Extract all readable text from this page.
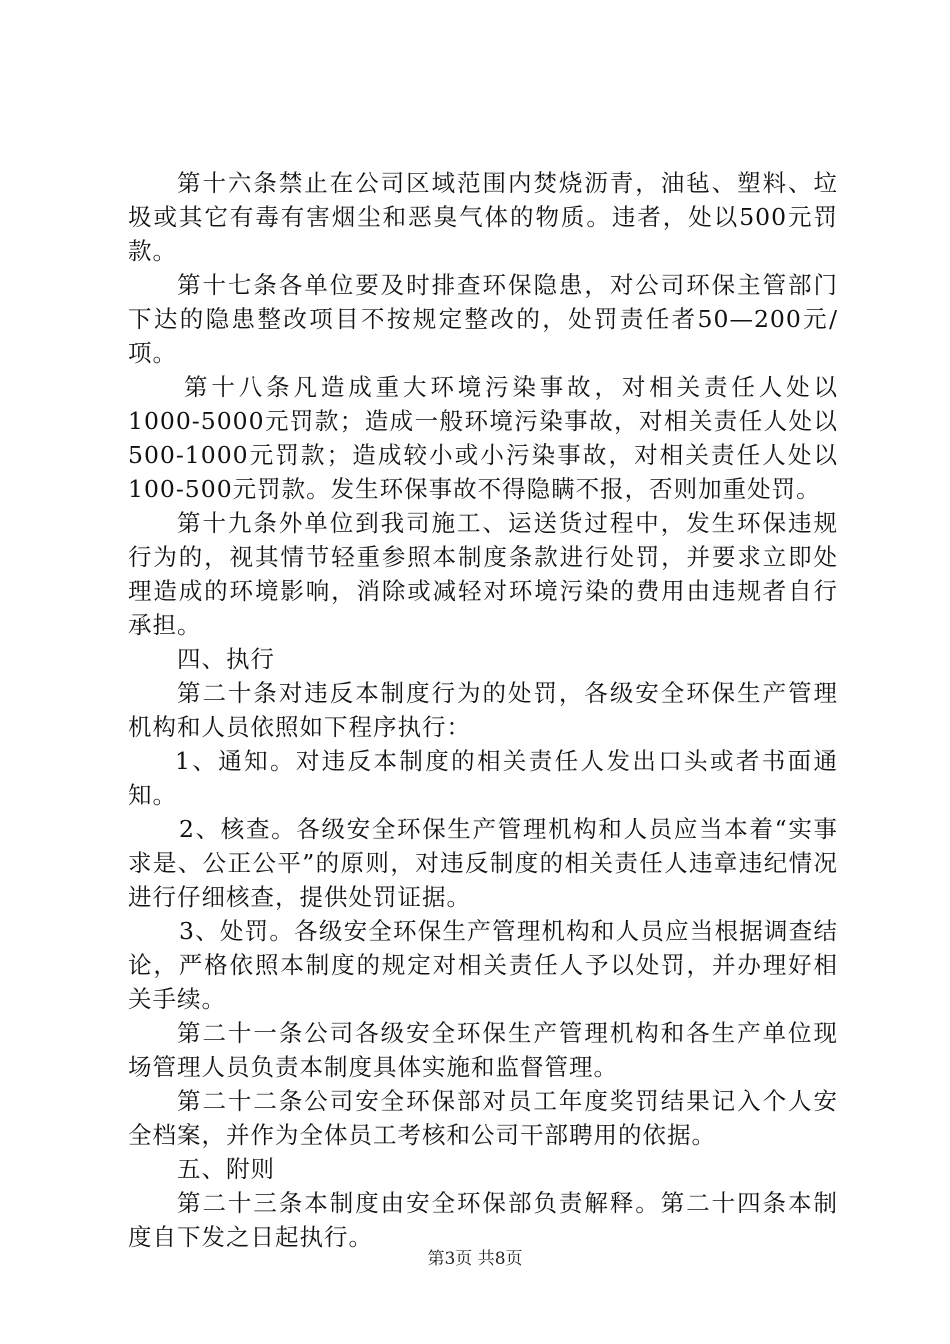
第十六条禁止在公司区域范围内焚烧沥青，油毡、塑料、垃圾或其它有毒有害烟尘和恶臭气体的物质。违者，处以500元罚款。

第十七条各单位要及时排查环保隐患，对公司环保主管部门下达的隐患整改项目不按规定整改的，处罚责任者50—200元/项。

第十八条凡造成重大环境污染事故，对相关责任人处以1000-5000元罚款；造成一般环境污染事故，对相关责任人处以500-1000元罚款；造成较小或小污染事故，对相关责任人处以100-500元罚款。发生环保事故不得隐瞒不报，否则加重处罚。

第十九条外单位到我司施工、运送货过程中，发生环保违规行为的，视其情节轻重参照本制度条款进行处罚，并要求立即处理造成的环境影响，消除或减轻对环境污染的费用由违规者自行承担。

四、执行

第二十条对违反本制度行为的处罚，各级安全环保生产管理机构和人员依照如下程序执行：

1、通知。对违反本制度的相关责任人发出口头或者书面通知。

2、核查。各级安全环保生产管理机构和人员应当本着“实事求是、公正公平”的原则，对违反制度的相关责任人违章违纪情况进行仔细核查，提供处罚证据。

3、处罚。各级安全环保生产管理机构和人员应当根据调查结论，严格依照本制度的规定对相关责任人予以处罚，并办理好相关手续。

第二十一条公司各级安全环保生产管理机构和各生产单位现场管理人员负责本制度具体实施和监督管理。

第二十二条公司安全环保部对员工年度奖罚结果记入个人安全档案，并作为全体员工考核和公司干部聘用的依据。

五、附则

第二十三条本制度由安全环保部负责解释。第二十四条本制度自下发之日起执行。

第3页 共8页
